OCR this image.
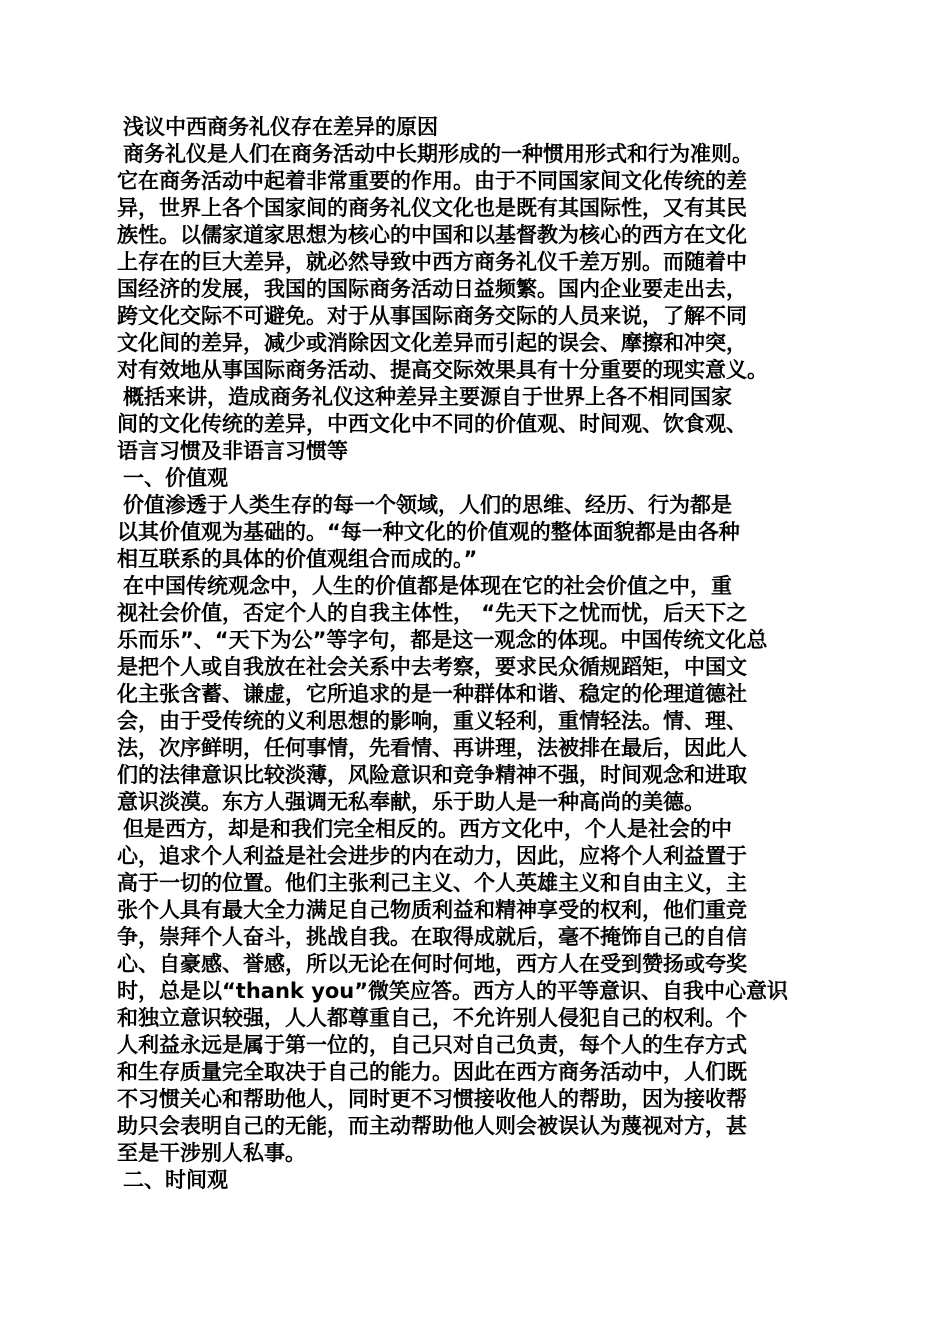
浅议中西商务礼仪存在差异的原因
商务礼仪是人们在商务活动中长期形成的一种惯用形式和行为准则。
它在商务活动中起着非常重要的作用。由于不同国家间文化传统的差
异，世界上各个国家间的商务礼仪文化也是既有其国际性，又有其民
族性。以儒家道家思想为核心的中国和以基督教为核心的西方在文化
上存在的巨大差异，就必然导致中西方商务礼仪千差万别。而随着中
国经济的发展，我国的国际商务活动日益频繁。国内企业要走出去，
跨文化交际不可避免。对于从事国际商务交际的人员来说，了解不同
文化间的差异，减少或消除因文化差异而引起的误会、摩擦和冲突，
对有效地从事国际商务活动、提高交际效果具有十分重要的现实意义。
概括来讲，造成商务礼仪这种差异主要源自于世界上各不相同国家
间的文化传统的差异，中西文化中不同的价值观、时间观、饮食观、
语言习惯及非语言习惯等
一、价值观
价值渗透于人类生存的每一个领域，人们的思维、经历、行为都是
以其价值观为基础的。“每一种文化的价值观的整体面貌都是由各种
相互联系的具体的价值观组合而成的。”
在中国传统观念中，人生的价值都是体现在它的社会价值之中，重
视社会价值，否定个人的自我主体性， “先天下之忧而忧，后天下之
乐而乐”、“天下为公”等字句，都是这一观念的体现。中国传统文化总
是把个人或自我放在社会关系中去考察，要求民众循规蹈矩，中国文
化主张含蓄、谦虚，它所追求的是一种群体和谐、稳定的伦理道德社
会，由于受传统的义利思想的影响，重义轻利，重情轻法。情、理、
法，次序鲜明，任何事情，先看情、再讲理，法被排在最后，因此人
们的法律意识比较淡薄，风险意识和竞争精神不强，时间观念和进取
意识淡漠。东方人强调无私奉献，乐于助人是一种高尚的美德。
但是西方，却是和我们完全相反的。西方文化中，个人是社会的中
心，追求个人利益是社会进步的内在动力，因此，应将个人利益置于
高于一切的位置。他们主张利己主义、个人英雄主义和自由主义，主
张个人具有最大全力满足自己物质利益和精神享受的权利，他们重竞
争，崇拜个人奋斗，挑战自我。在取得成就后，毫不掩饰自己的自信
心、自豪感、誉感，所以无论在何时何地，西方人在受到赞扬或夸奖
时，总是以“thank you”微笑应答。西方人的平等意识、自我中心意识
和独立意识较强，人人都尊重自己，不允许别人侵犯自己的权利。个
人利益永远是属于第一位的，自己只对自己负责，每个人的生存方式
和生存质量完全取决于自己的能力。因此在西方商务活动中，人们既
不习惯关心和帮助他人，同时更不习惯接收他人的帮助，因为接收帮
助只会表明自己的无能，而主动帮助他人则会被误认为蔑视对方，甚
至是干涉别人私事。
二、时间观
